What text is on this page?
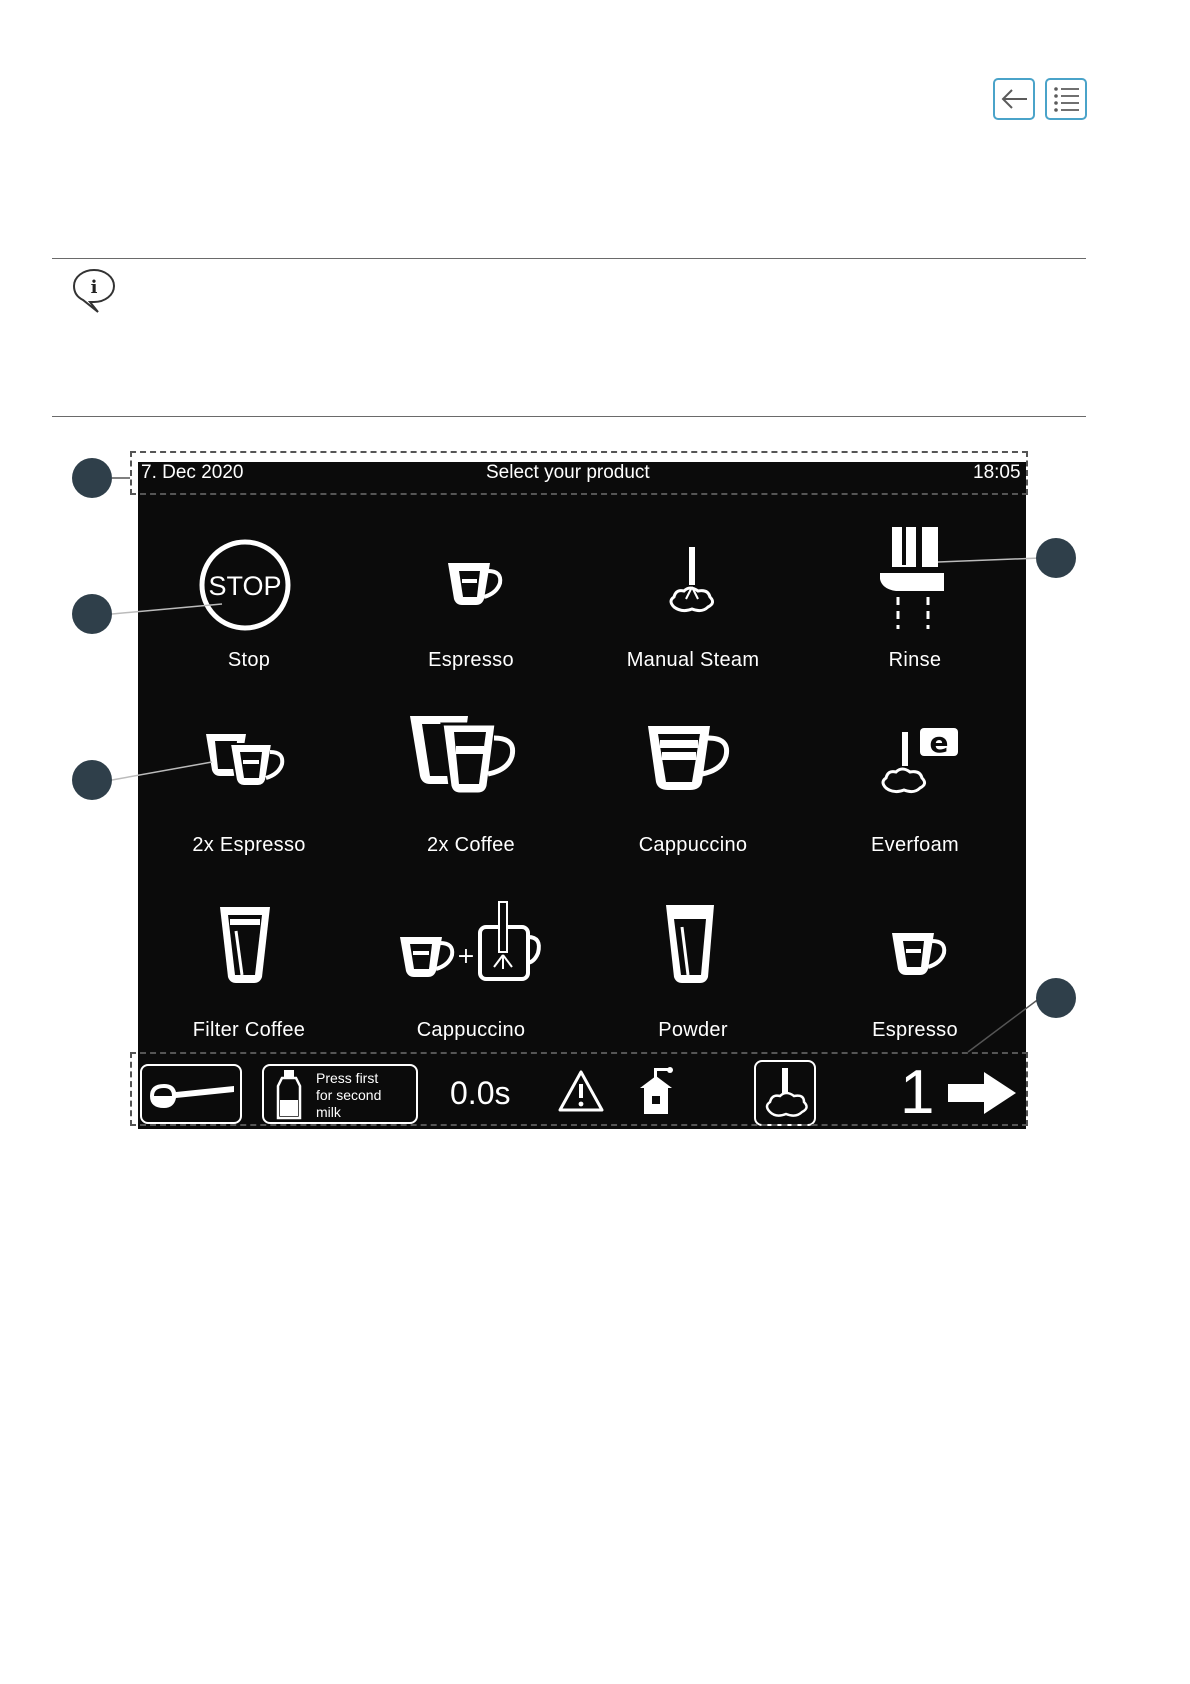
i
7. Dec 2020	Select your product	18:05
STOP
Stop	Espresso	Manual Steam	Rinse
2x Espresso	2x Coffee	Cappuccino
e
Everfoam
Filter Coffee
+
Cappuccino	Powder	Espresso
Press first
for second
milk
0.0s	1
